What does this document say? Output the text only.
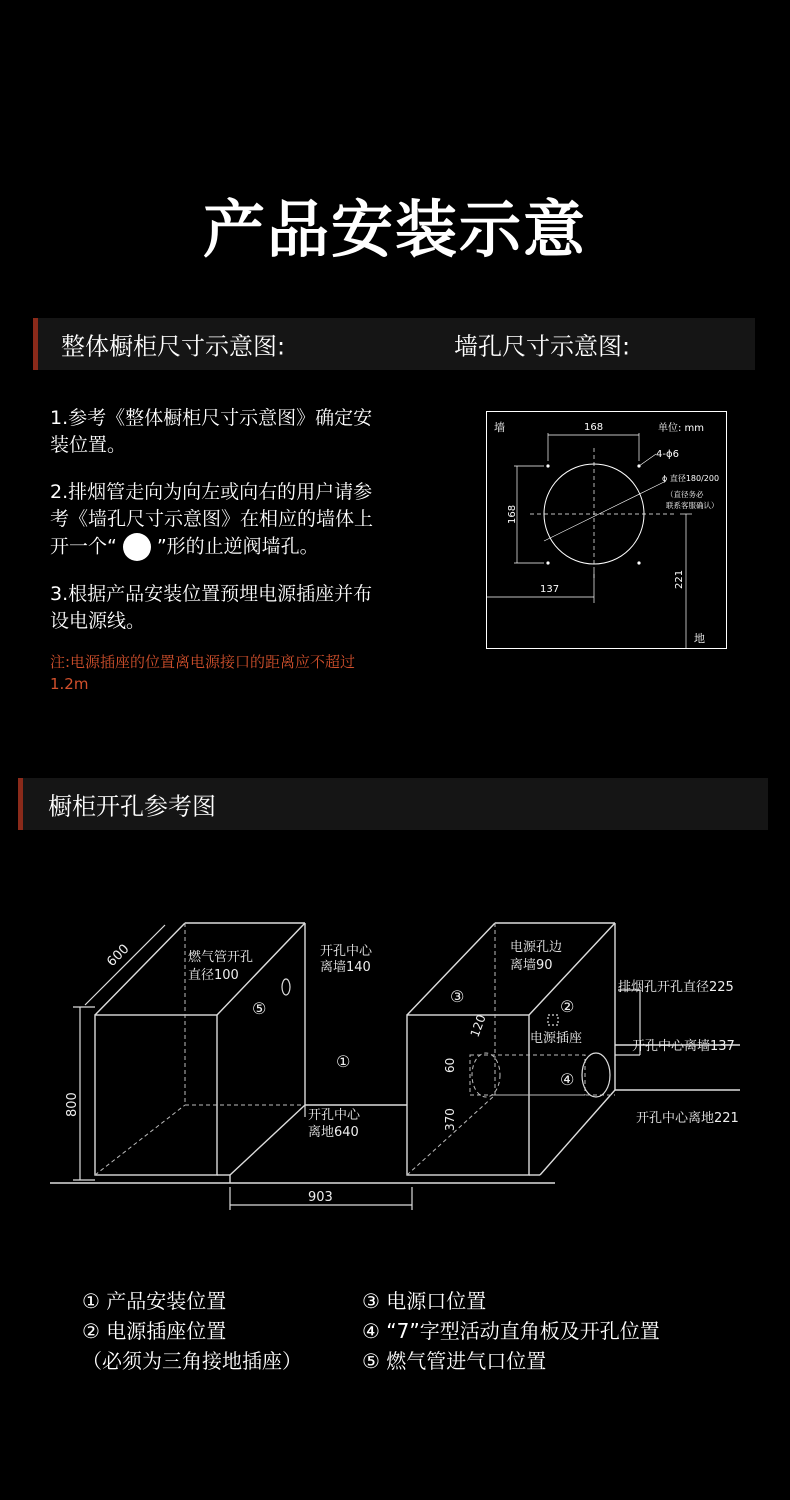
产品安装示意
整体橱柜尺寸示意图:	墙孔尺寸示意图:

1.参考《整体橱柜尺寸示意图》确定安装位置。

2.排烟管走向为向左或向右的用户请参考《墙孔尺寸示意图》在相应的墙体上开一个“ ”形的止逆阀墙孔。

3.根据产品安装位置预埋电源插座并布设电源线。

注:电源插座的位置离电源接口的距离应不超过1.2m
墙	单位: mm
168
4-ϕ6
ϕ 直径180/200
（直径务必
联系客服确认）
168
137
221
地
橱柜开孔参考图
600
800
903
燃气管开孔
直径100
开孔中心
离墙140
开孔中心
离地640
电源孔边
离墙90
排烟孔开孔直径225
电源插座
开孔中心离墙137
开孔中心离地221
120
60
370
①
②
③
④
⑤
① 产品安装位置
② 电源插座位置
（必须为三角接地插座）
③ 电源口位置
④ “7”字型活动直角板及开孔位置
⑤ 燃气管进气口位置
